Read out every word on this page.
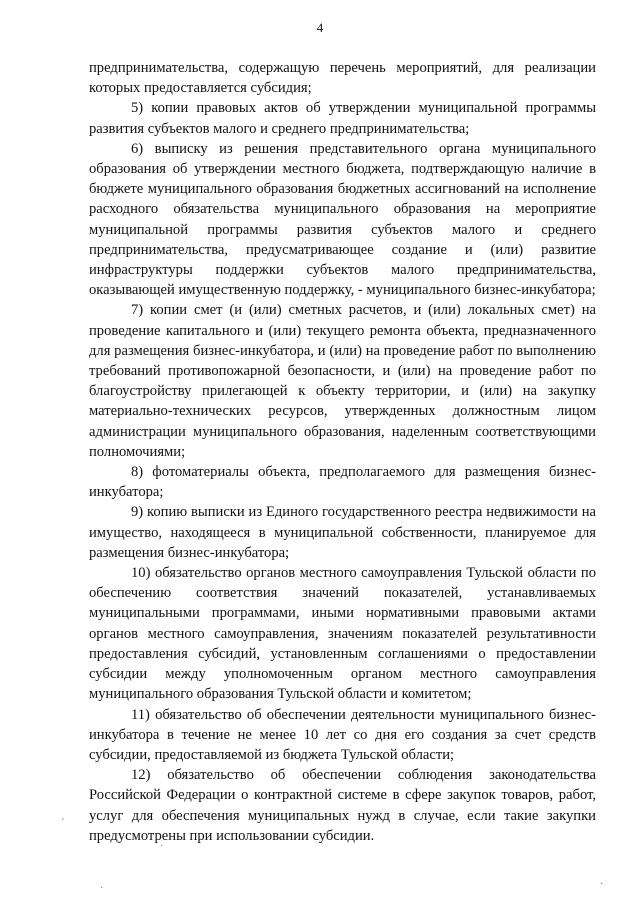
4

предпринимательства, содержащую перечень мероприятий, для реализации которых предоставляется субсидия;

5) копии правовых актов об утверждении муниципальной программы развития субъектов малого и среднего предпринимательства;

6) выписку из решения представительного органа муниципального образования об утверждении местного бюджета, подтверждающую наличие в бюджете муниципального образования бюджетных ассигнований на исполнение расходного обязательства муниципального образования на мероприятие муниципальной программы развития субъектов малого и среднего предпринимательства, предусматривающее создание и (или) развитие инфраструктуры поддержки субъектов малого предпринимательства, оказывающей имущественную поддержку, - муниципального бизнес-инкубатора;

7) копии смет (и (или) сметных расчетов, и (или) локальных смет) на проведение капитального и (или) текущего ремонта объекта, предназначенного для размещения бизнес-инкубатора, и (или) на проведение работ по выполнению требований противопожарной безопасности, и (или) на проведение работ по благоустройству прилегающей к объекту территории, и (или) на закупку материально-технических ресурсов, утвержденных должностным лицом администрации муниципального образования, наделенным соответствующими полномочиями;

8) фотоматериалы объекта, предполагаемого для размещения бизнес-инкубатора;

9) копию выписки из Единого государственного реестра недвижимости на имущество, находящееся в муниципальной собственности, планируемое для размещения бизнес-инкубатора;

10) обязательство органов местного самоуправления Тульской области по обеспечению соответствия значений показателей, устанавливаемых муниципальными программами, иными нормативными правовыми актами органов местного самоуправления, значениям показателей результативности предоставления субсидий, установленным соглашениями о предоставлении субсидии между уполномоченным органом местного самоуправления муниципального образования Тульской области и комитетом;

11) обязательство об обеспечении деятельности муниципального бизнес-инкубатора в течение не менее 10 лет со дня его создания за счет средств субсидии, предоставляемой из бюджета Тульской области;

12) обязательство об обеспечении соблюдения законодательства Российской Федерации о контрактной системе в сфере закупок товаров, работ, услуг для обеспечения муниципальных нужд в случае, если такие закупки предусмотрены при использовании субсидии.

'
·
·	·
